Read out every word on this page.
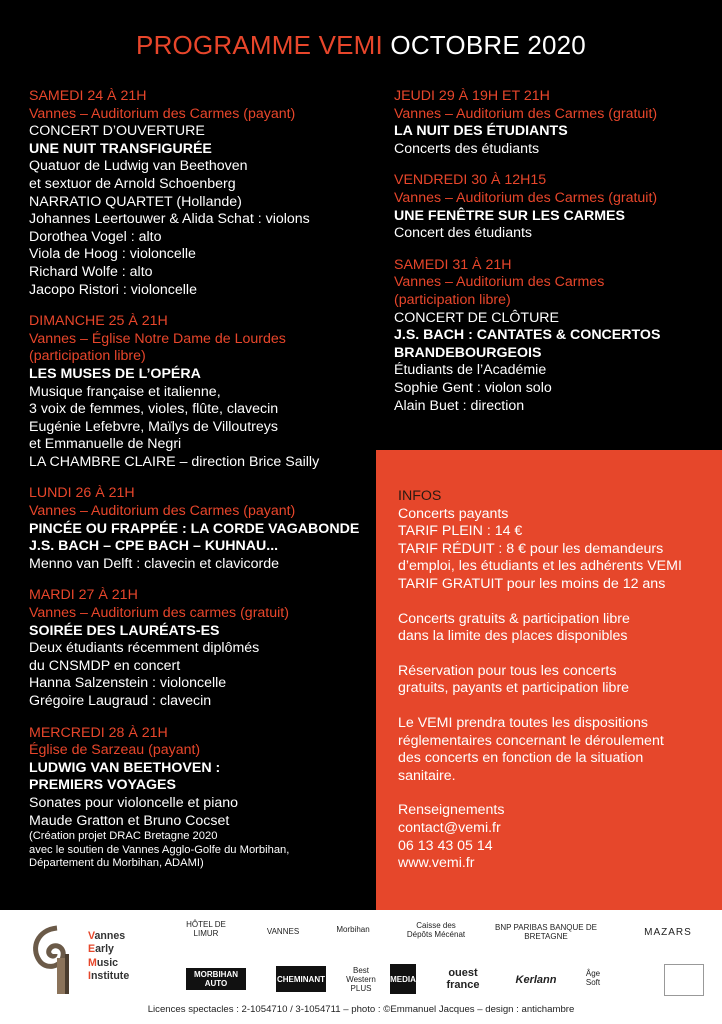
PROGRAMME VEMI OCTOBRE 2020
SAMEDI 24 À 21H
Vannes – Auditorium des Carmes (payant)
CONCERT D’OUVERTURE
UNE NUIT TRANSFIGURÉE
Quatuor de Ludwig van Beethoven
et sextuor de Arnold Schoenberg
NARRATIO QUARTET (Hollande)
Johannes Leertouwer & Alida Schat : violons
Dorothea Vogel : alto
Viola de Hoog : violoncelle
Richard Wolfe : alto
Jacopo Ristori : violoncelle
DIMANCHE 25 À 21H
Vannes – Église Notre Dame de Lourdes
(participation libre)
LES MUSES DE L’OPÉRA
Musique française et italienne,
3 voix de femmes, violes, flûte, clavecin
Eugénie Lefebvre, Maïlys de Villoutreys
et Emmanuelle de Negri
LA CHAMBRE CLAIRE – direction Brice Sailly
LUNDI 26 À 21H
Vannes – Auditorium des Carmes (payant)
PINCÉE OU FRAPPÉE : LA CORDE VAGABONDE
J.S. BACH – CPE BACH – KUHNAU...
Menno van Delft : clavecin et clavicorde
MARDI 27 À 21H
Vannes – Auditorium des carmes (gratuit)
SOIRÉE DES LAURÉATS-ES
Deux étudiants récemment diplômés
du CNSMDP en concert
Hanna Salzenstein : violoncelle
Grégoire Laugraud : clavecin
MERCREDI 28 À 21H
Église de Sarzeau (payant)
LUDWIG VAN BEETHOVEN :
PREMIERS VOYAGES
Sonates pour violoncelle et piano
Maude Gratton et Bruno Cocset
(Création projet DRAC Bretagne 2020
avec le soutien de Vannes Agglo-Golfe du Morbihan,
Département du Morbihan, ADAMI)
JEUDI 29 À 19H ET 21H
Vannes – Auditorium des Carmes (gratuit)
LA NUIT DES ÉTUDIANTS
Concerts des étudiants
VENDREDI 30 À 12H15
Vannes – Auditorium des Carmes (gratuit)
UNE FENÊTRE SUR LES CARMES
Concert des étudiants
SAMEDI 31 À 21H
Vannes – Auditorium des Carmes
(participation libre)
CONCERT DE CLÔTURE
J.S. BACH : CANTATES & CONCERTOS
BRANDEBOURGEOIS
Étudiants de l’Académie
Sophie Gent : violon solo
Alain Buet : direction
INFOS
Concerts payants
TARIF PLEIN : 14 €
TARIF RÉDUIT : 8 € pour les demandeurs
d’emploi, les étudiants et les adhérents VEMI
TARIF GRATUIT pour les moins de 12 ans
Concerts gratuits & participation libre
dans la limite des places disponibles
Réservation pour tous les concerts
gratuits, payants et participation libre
Le VEMI prendra toutes les dispositions
réglementaires concernant le déroulement
des concerts en fonction de la situation
sanitaire.
Renseignements
contact@vemi.fr
06 13 43 05 14
www.vemi.fr
Vannes
Early
Music
Institute
HÔTEL DE LIMUR	VANNES	Morbihan	Caisse des Dépôts Mécénat
BNP PARIBAS BANQUE DE BRETAGNE	MAZARS
MORBIHAN AUTO	CHEMINANT
Best Western PLUS
MEDIA	ouest france	Kerlann
Âge Soft
Licences spectacles : 2-1054710 / 3-1054711 – photo : ©Emmanuel Jacques – design : antichambre
